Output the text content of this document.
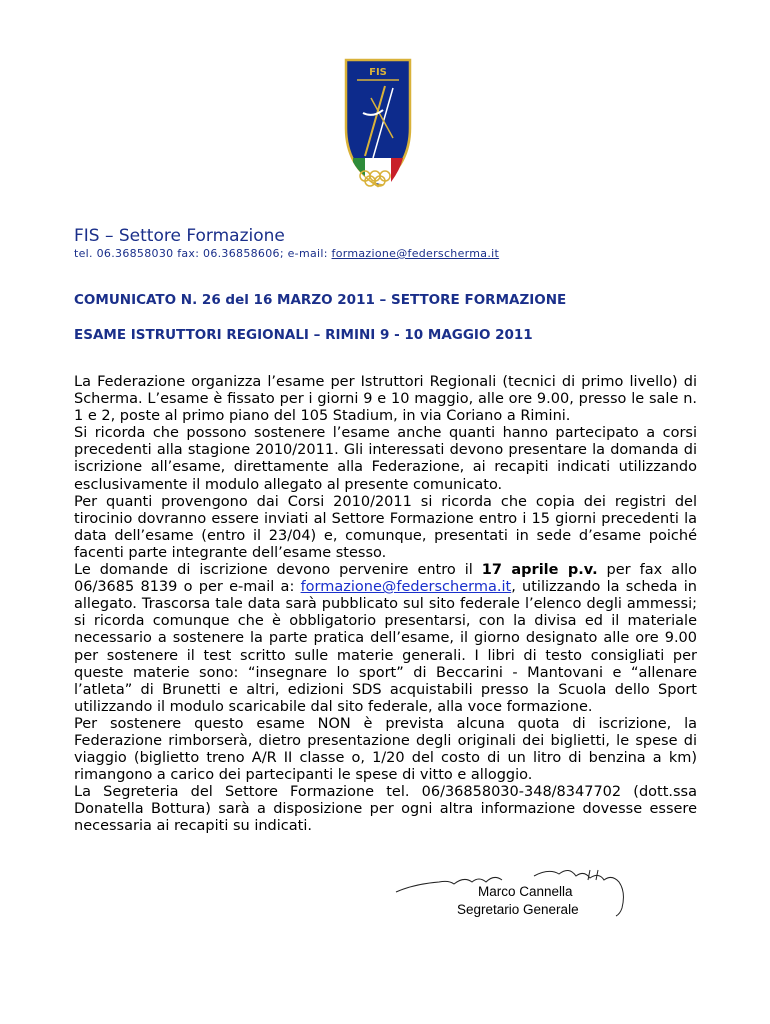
FIS
FIS – Settore Formazione
tel. 06.36858030 fax: 06.36858606; e-mail: formazione@federscherma.it
COMUNICATO N. 26 del 16 MARZO 2011 – SETTORE FORMAZIONE
ESAME ISTRUTTORI REGIONALI – RIMINI 9 - 10 MAGGIO 2011

La Federazione organizza l’esame per Istruttori Regionali (tecnici di primo livello) di Scherma. L’esame è fissato per i giorni 9 e 10 maggio, alle ore 9.00, presso le sale n. 1 e 2, poste al primo piano del 105 Stadium, in via Coriano a Rimini.

Si ricorda che possono sostenere l’esame anche quanti hanno partecipato a corsi precedenti alla stagione 2010/2011. Gli interessati devono presentare la domanda di iscrizione all’esame, direttamente alla Federazione, ai recapiti indicati utilizzando esclusivamente il modulo allegato al presente comunicato.

Per quanti provengono dai Corsi 2010/2011 si ricorda che copia dei registri del tirocinio dovranno essere inviati al Settore Formazione entro i 15 giorni precedenti la data dell’esame (entro il 23/04) e, comunque, presentati in sede d’esame poiché facenti parte integrante dell’esame stesso.

Le domande di iscrizione devono pervenire entro il 17 aprile p.v. per fax allo 06/3685 8139 o per e-mail a: formazione@federscherma.it, utilizzando la scheda in allegato. Trascorsa tale data sarà pubblicato sul sito federale l’elenco degli ammessi; si ricorda comunque che è obbligatorio presentarsi, con la divisa ed il materiale necessario a sostenere la parte pratica dell’esame, il giorno designato alle ore 9.00 per sostenere il test scritto sulle materie generali. I libri di testo consigliati per queste materie sono: “insegnare lo sport” di Beccarini - Mantovani e “allenare l’atleta” di Brunetti e altri, edizioni SDS acquistabili presso la Scuola dello Sport utilizzando il modulo scaricabile dal sito federale, alla voce formazione.

Per sostenere questo esame NON è prevista alcuna quota di iscrizione, la Federazione rimborserà, dietro presentazione degli originali dei biglietti, le spese di viaggio (biglietto treno A/R II classe o, 1/20 del costo di un litro di benzina a km) rimangono a carico dei partecipanti le spese di vitto e alloggio.

La Segreteria del Settore Formazione tel. 06/36858030-348/8347702 (dott.ssa Donatella Bottura) sarà a disposizione per ogni altra informazione dovesse essere necessaria ai recapiti su indicati.

Marco Cannella
Segretario Generale
